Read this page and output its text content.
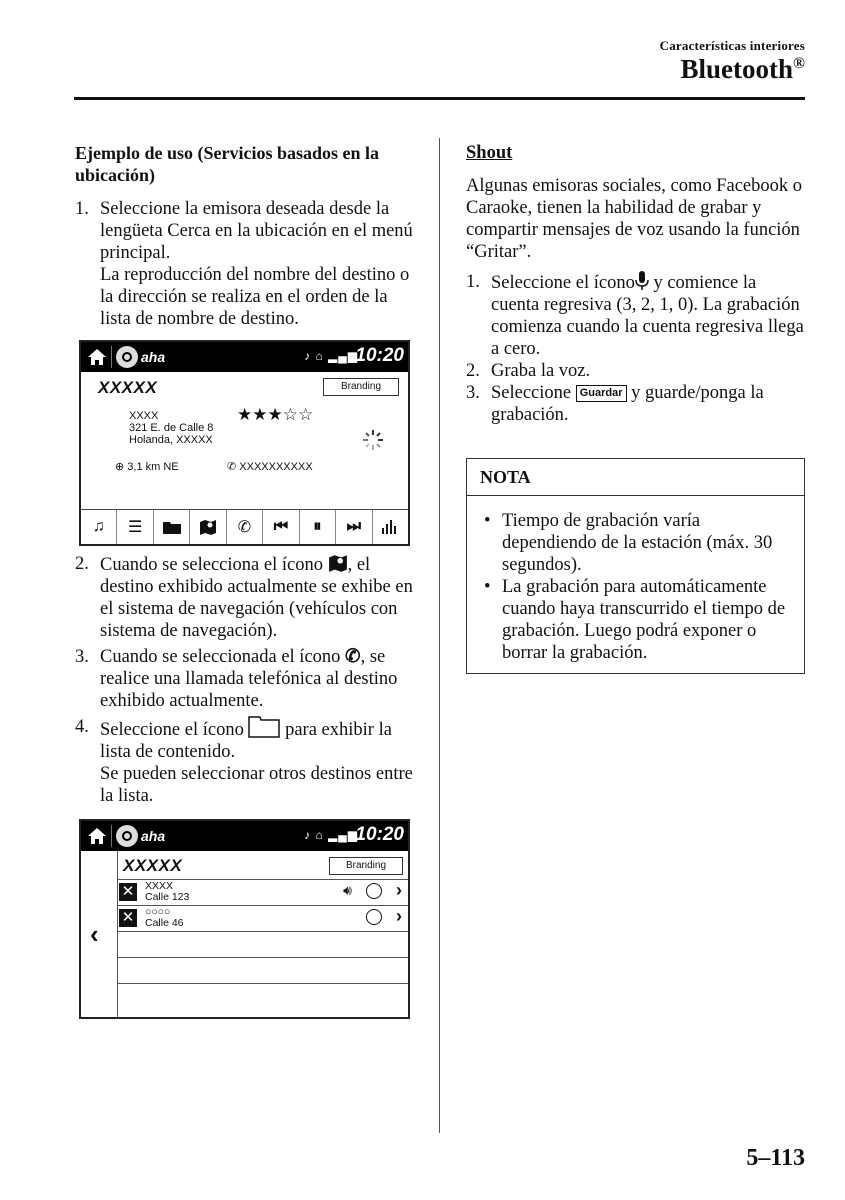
Características interiores
Bluetooth®
Ejemplo de uso (Servicios basados en la ubicación)
1. Seleccione la emisora deseada desde la lengüeta Cerca en la ubicación en el menú principal.

La reproducción del nombre del destino o la dirección se realiza en el orden de la lista de nombre de destino.

aha	♪ ⌂ ▂▄▆
10:20
XXXXX	Branding
XXXX
321 E. de Calle 8
Holanda, XXXXX
★★★☆☆
⊕ 3,1 km NE	✆ XXXXXXXXXX
♫	☰	✆	⏮	⏸	⏭
2. Cuando se selecciona el ícono , el destino exhibido actualmente se exhibe en el sistema de navegación (vehículos con sistema de navegación).
3. Cuando se seleccionada el ícono ✆, se realice una llamada telefónica al destino exhibido actualmente.
4. Seleccione el ícono para exhibir la lista de contenido.

Se pueden seleccionar otros destinos entre la lista.

aha	♪ ⌂ ▂▄▆
10:20
‹
XXXXX	Branding
✕ XXXX
Calle 123	🔊︎ ›
✕ ○○○○
Calle 46	›
Shout

Algunas emisoras sociales, como Facebook o Caraoke, tienen la habilidad de grabar y compartir mensajes de voz usando la función “Gritar”.

1. Seleccione el ícono y comience la cuenta regresiva (3, 2, 1, 0). La grabación comienza cuando la cuenta regresiva llega a cero.
2. Graba la voz.
3. Seleccione Guardar y guarde/ponga la grabación.
NOTA
• Tiempo de grabación varía dependiendo de la estación (máx. 30 segundos).
• La grabación para automáticamente cuando haya transcurrido el tiempo de grabación. Luego podrá exponer o borrar la grabación.
5–113
